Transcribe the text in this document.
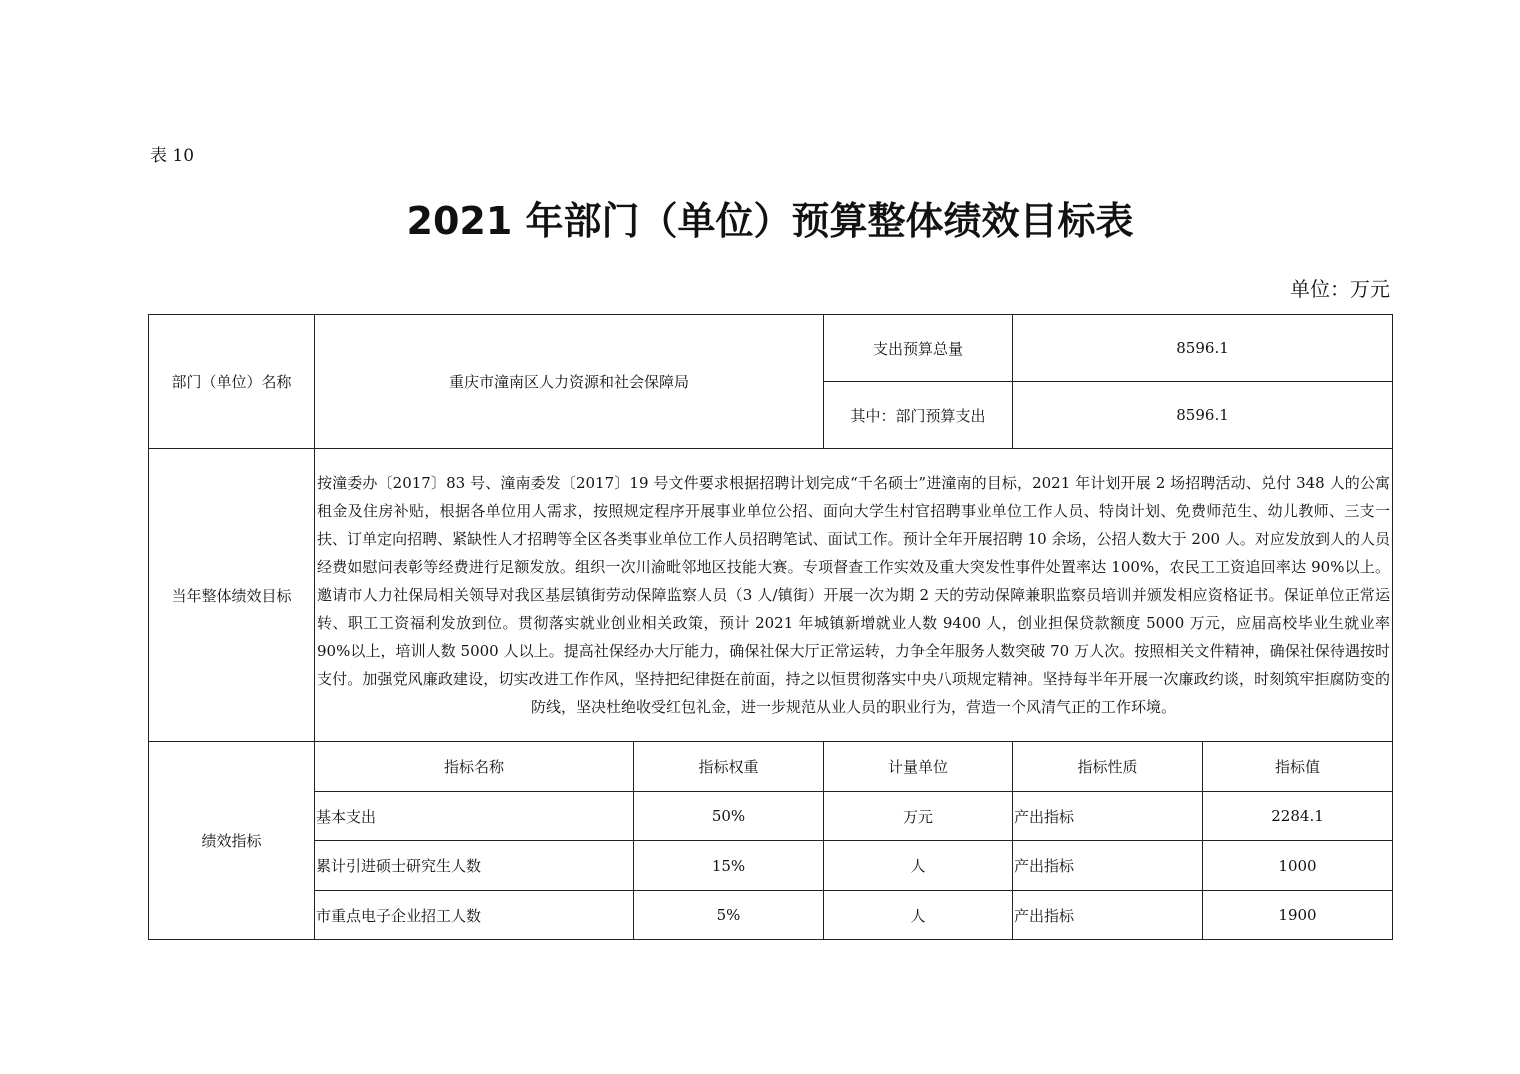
表 10
2021 年部门（单位）预算整体绩效目标表
单位：万元
部门（单位）名称	重庆市潼南区人力资源和社会保障局		支出预算总量	8596.1	
			其中：部门预算支出	8596.1	
当年整体绩效目标	按潼委办〔2017〕83 号、潼南委发〔2017〕19 号文件要求根据招聘计划完成“千名硕士”进潼南的目标，2021 年计划开展 2 场招聘活动、兑付 348 人的公寓租金及住房补贴，根据各单位用人需求，按照规定程序开展事业单位公招、面向大学生村官招聘事业单位工作人员、特岗计划、免费师范生、幼儿教师、三支一扶、订单定向招聘、紧缺性人才招聘等全区各类事业单位工作人员招聘笔试、面试工作。预计全年开展招聘 10 余场，公招人数大于 200 人。对应发放到人的人员经费如慰问表彰等经费进行足额发放。组织一次川渝毗邻地区技能大赛。专项督查工作实效及重大突发性事件处置率达 100%，农民工工资追回率达 90%以上。邀请市人力社保局相关领导对我区基层镇街劳动保障监察人员（3 人/镇街）开展一次为期 2 天的劳动保障兼职监察员培训并颁发相应资格证书。保证单位正常运转、职工工资福利发放到位。贯彻落实就业创业相关政策，预计 2021 年城镇新增就业人数 9400 人，创业担保贷款额度 5000 万元，应届高校毕业生就业率 90%以上，培训人数 5000 人以上。提高社保经办大厅能力，确保社保大厅正常运转，力争全年服务人数突破 70 万人次。按照相关文件精神，确保社保待遇按时支付。加强党风廉政建设，切实改进工作作风，坚持把纪律挺在前面，持之以恒贯彻落实中央八项规定精神。坚持每半年开展一次廉政约谈，时刻筑牢拒腐防变的防线，坚决杜绝收受红包礼金，进一步规范从业人员的职业行为，营造一个风清气正的工作环境。				
绩效指标	指标名称	指标权重	计量单位	指标性质	指标值
	基本支出	50%	万元	产出指标	2284.1
	累计引进硕士研究生人数	15%	人	产出指标	1000
	市重点电子企业招工人数	5%	人	产出指标	1900
